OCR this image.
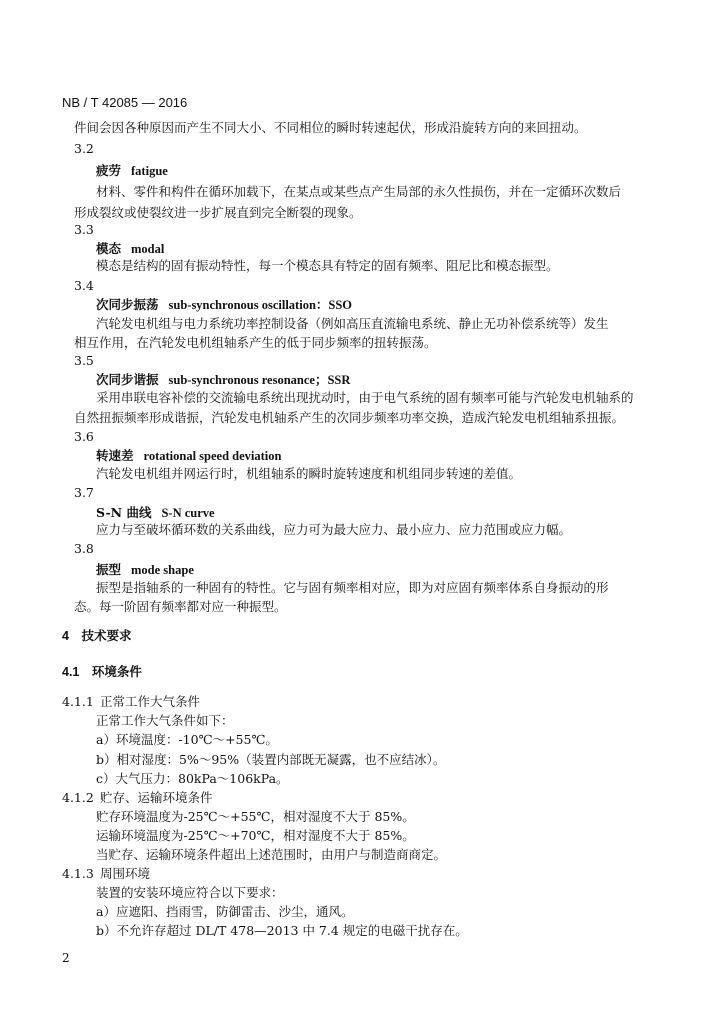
NB / T 42085 — 2016
件间会因各种原因而产生不同大小、不同相位的瞬时转速起伏，形成沿旋转方向的来回扭动。
3.2
疲劳 fatigue
材料、零件和构件在循环加载下，在某点或某些点产生局部的永久性损伤，并在一定循环次数后
形成裂纹或使裂纹进一步扩展直到完全断裂的现象。
3.3
模态 modal
模态是结构的固有振动特性，每一个模态具有特定的固有频率、阻尼比和模态振型。
3.4
次同步振荡 sub-synchronous oscillation：SSO
汽轮发电机组与电力系统功率控制设备（例如高压直流输电系统、静止无功补偿系统等）发生
相互作用，在汽轮发电机组轴系产生的低于同步频率的扭转振荡。
3.5
次同步谐振 sub-synchronous resonance；SSR
采用串联电容补偿的交流输电系统出现扰动时，由于电气系统的固有频率可能与汽轮发电机轴系的
自然扭振频率形成谐振，汽轮发电机轴系产生的次同步频率功率交换，造成汽轮发电机组轴系扭振。
3.6
转速差 rotational speed deviation
汽轮发电机组并网运行时，机组轴系的瞬时旋转速度和机组同步转速的差值。
3.7
S-N 曲线 S-N curve
应力与至破坏循环数的关系曲线，应力可为最大应力、最小应力、应力范围或应力幅。
3.8
振型 mode shape
振型是指轴系的一种固有的特性。它与固有频率相对应，即为对应固有频率体系自身振动的形
态。每一阶固有频率都对应一种振型。
4　技术要求
4.1　环境条件
4.1.1 正常工作大气条件
正常工作大气条件如下：
a）环境温度：-10℃～+55℃。
b）相对湿度：5%～95%（装置内部既无凝露，也不应结冰）。
c）大气压力：80kPa～106kPa。
4.1.2 贮存、运输环境条件
贮存环境温度为-25℃～+55℃，相对湿度不大于 85%。
运输环境温度为-25℃～+70℃，相对湿度不大于 85%。
当贮存、运输环境条件超出上述范围时，由用户与制造商商定。
4.1.3 周围环境
装置的安装环境应符合以下要求：
a）应遮阳、挡雨雪，防御雷击、沙尘，通风。
b）不允许存超过 DL/T 478—2013 中 7.4 规定的电磁干扰存在。
2
